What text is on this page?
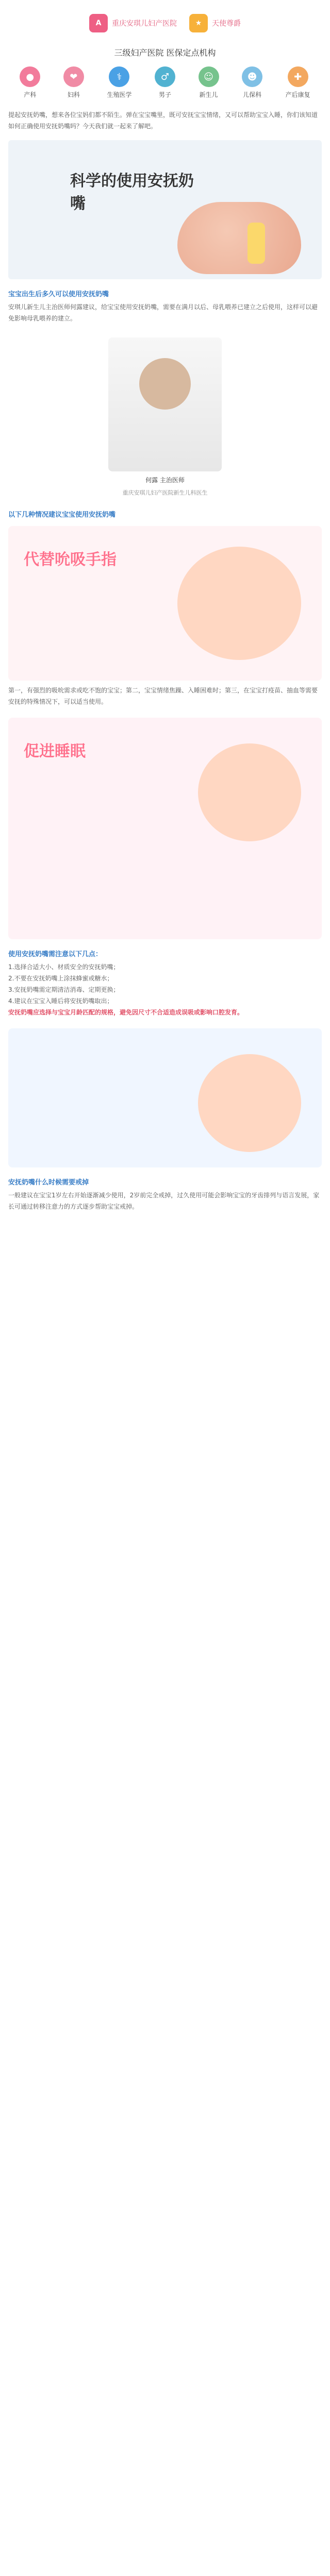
A	重庆安琪儿妇产医院	★	天使尊爵
三级妇产医院 医保定点机构
●
产科
❤
妇科
⚕
生殖医学
♂
男子
☺
新生儿
☻
儿保科
✚
产后康复
提起安抚奶嘴，想来各位宝妈们都不陌生。弹在宝宝嘴里，既可安抚宝宝情绪，又可以帮助宝宝入睡，你们该知道如何正确使用安抚奶嘴吗？今天我们就一起来了解吧。
科学的使用安抚奶嘴
宝宝出生后多久可以使用安抚奶嘴
安琪儿新生儿主治医师何露建议，给宝宝使用安抚奶嘴，需要在满月以后、母乳喂养已建立之后使用，这样可以避免影响母乳喂养的建立。
何露 主治医师
重庆安琪儿妇产医院新生儿科医生
以下几种情况建议宝宝使用安抚奶嘴
代替吮吸手指
第一，有强烈的吸吮需求或吃不饱的宝宝；第二，宝宝情绪焦躁、入睡困难时；第三，在宝宝打疫苗、抽血等需要安抚的特殊情况下，可以适当使用。
促进睡眠
使用安抚奶嘴需注意以下几点：
1.选择合适大小、材质安全的安抚奶嘴；
2.不要在安抚奶嘴上涂抹蜂蜜或糖水；
3.安抚奶嘴需定期清洁消毒、定期更换；
4.建议在宝宝入睡后将安抚奶嘴取出；
安抚奶嘴应选择与宝宝月龄匹配的规格，避免因尺寸不合适造成误吸或影响口腔发育。
安抚奶嘴什么时候需要戒掉
一般建议在宝宝1岁左右开始逐渐减少使用，2岁前完全戒掉，过久使用可能会影响宝宝的牙齿排列与语言发展，家长可通过转移注意力的方式逐步帮助宝宝戒掉。
